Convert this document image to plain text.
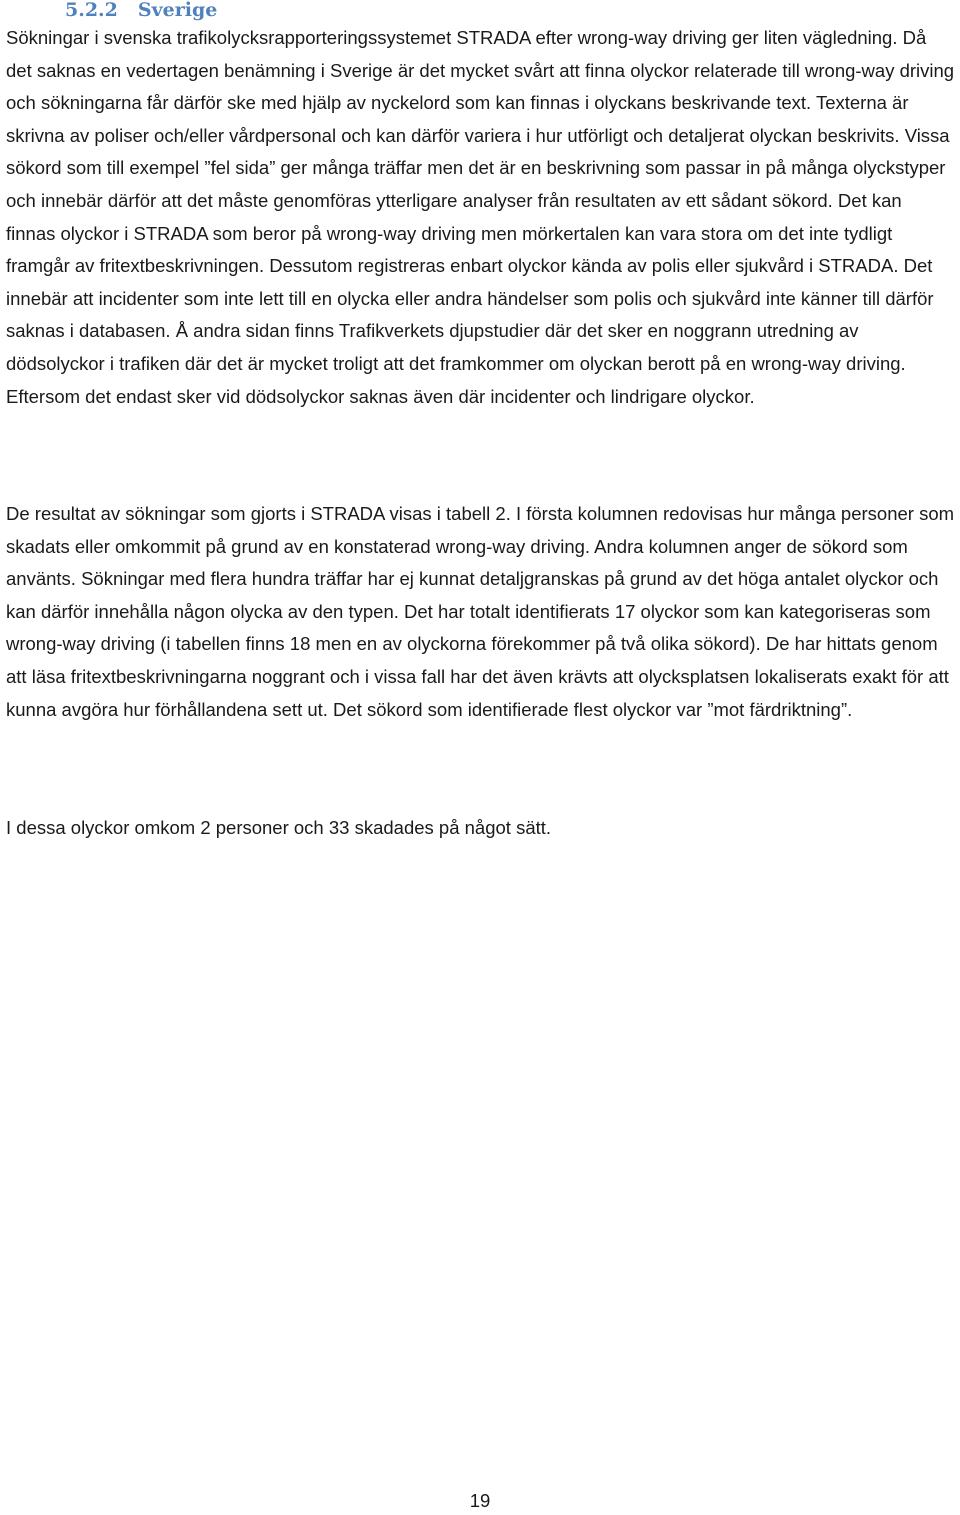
5.2.2 Sverige

Sökningar i svenska trafikolycksrapporteringssystemet STRADA efter wrong-way driving ger liten vägledning. Då det saknas en vedertagen benämning i Sverige är det mycket svårt att finna olyckor relaterade till wrong-way driving och sökningarna får därför ske med hjälp av nyckelord som kan finnas i olyckans beskrivande text. Texterna är skrivna av poliser och/eller vårdpersonal och kan därför variera i hur utförligt och detaljerat olyckan beskrivits. Vissa sökord som till exempel ”fel sida” ger många träffar men det är en beskrivning som passar in på många olyckstyper och innebär därför att det måste genomföras ytterligare analyser från resultaten av ett sådant sökord. Det kan finnas olyckor i STRADA som beror på wrong-way driving men mörkertalen kan vara stora om det inte tydligt framgår av fritextbeskrivningen. Dessutom registreras enbart olyckor kända av polis eller sjukvård i STRADA. Det innebär att incidenter som inte lett till en olycka eller andra händelser som polis och sjukvård inte känner till därför saknas i databasen. Å andra sidan finns Trafikverkets djupstudier där det sker en noggrann utredning av dödsolyckor i trafiken där det är mycket troligt att det framkommer om olyckan berott på en wrong-way driving. Eftersom det endast sker vid dödsolyckor saknas även där incidenter och lindrigare olyckor.

De resultat av sökningar som gjorts i STRADA visas i tabell 2. I första kolumnen redovisas hur många personer som skadats eller omkommit på grund av en konstaterad wrong-way driving. Andra kolumnen anger de sökord som använts. Sökningar med flera hundra träffar har ej kunnat detaljgranskas på grund av det höga antalet olyckor och kan därför innehålla någon olycka av den typen. Det har totalt identifierats 17 olyckor som kan kategoriseras som wrong-way driving (i tabellen finns 18 men en av olyckorna förekommer på två olika sökord). De har hittats genom att läsa fritextbeskrivningarna noggrant och i vissa fall har det även krävts att olycksplatsen lokaliserats exakt för att kunna avgöra hur förhållandena sett ut. Det sökord som identifierade flest olyckor var ”mot färdriktning”.

I dessa olyckor omkom 2 personer och 33 skadades på något sätt.

19
